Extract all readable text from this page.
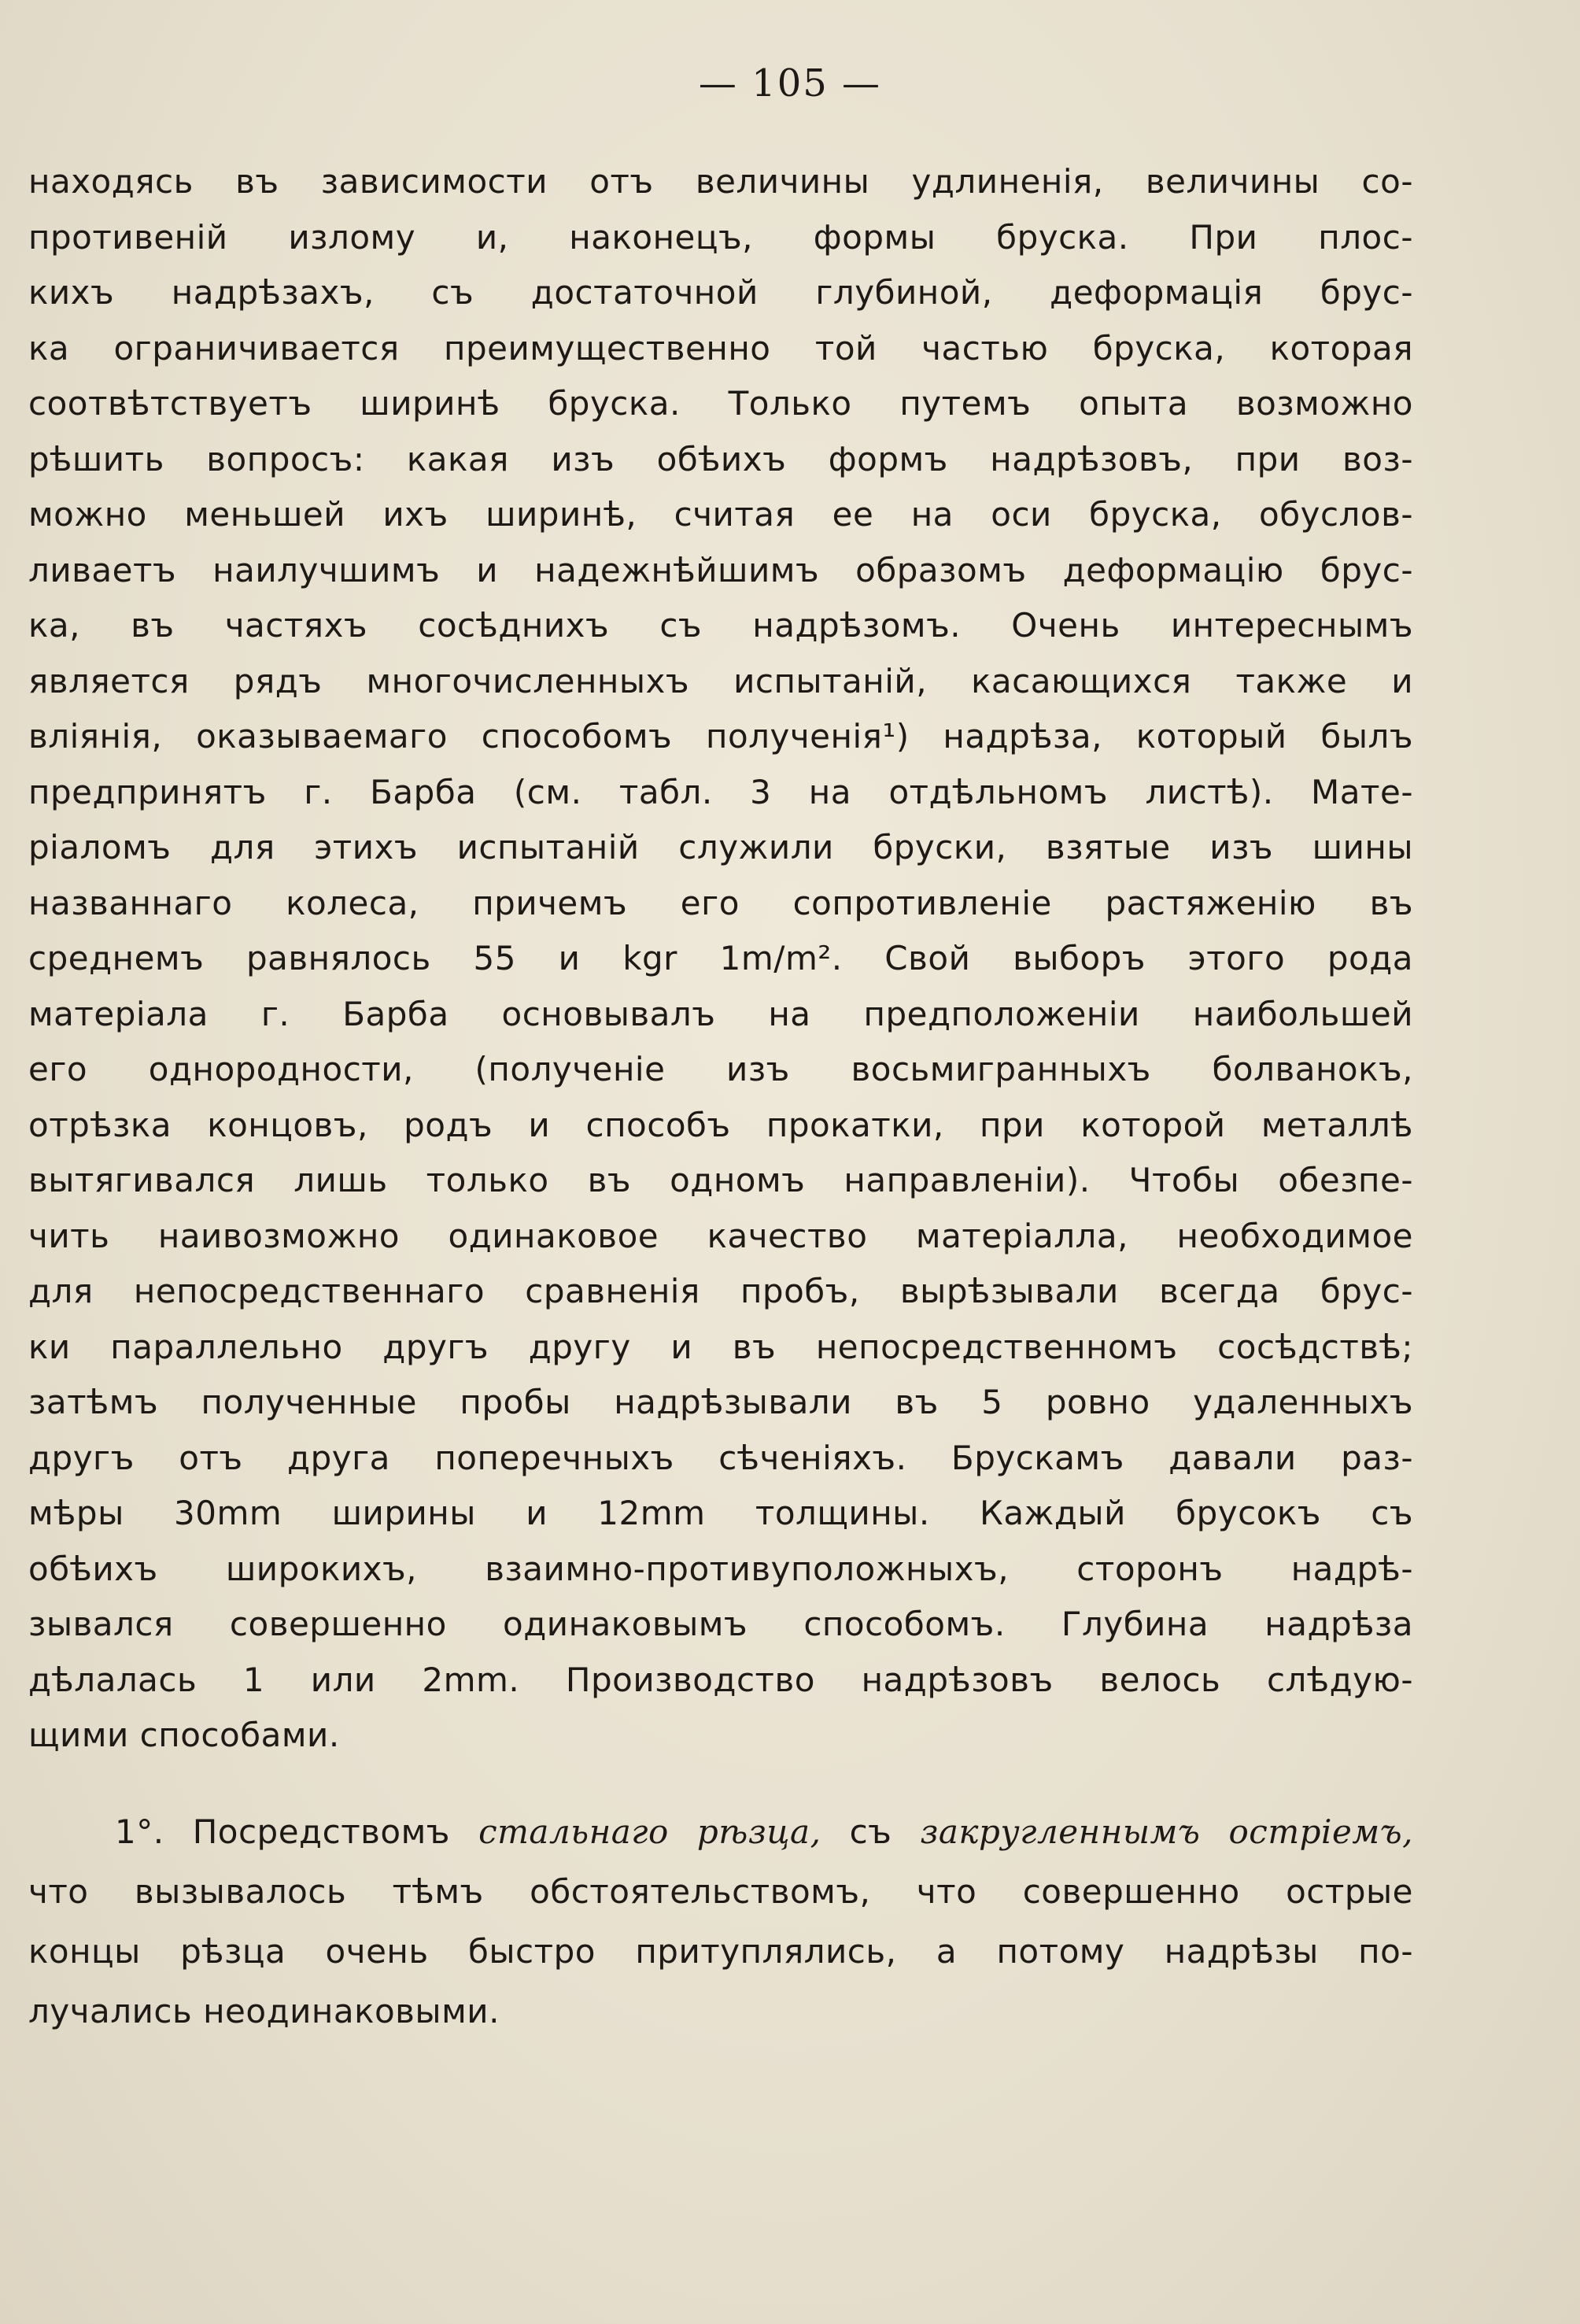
— 105 —
находясь въ зависимости отъ величины удлиненія, величины со-
противеній излому и, наконецъ, формы бруска. При плос-
кихъ надрѣзахъ, съ достаточной глубиной, деформація брус-
ка ограничивается преимущественно той частью бруска, которая
соотвѣтствуетъ ширинѣ бруска. Только путемъ опыта возможно
рѣшить вопросъ: какая изъ обѣихъ формъ надрѣзовъ, при воз-
можно меньшей ихъ ширинѣ, считая ее на оси бруска, обуслов-
ливаетъ наилучшимъ и надежнѣйшимъ образомъ деформацію брус-
ка, въ частяхъ сосѣднихъ съ надрѣзомъ. Очень интереснымъ
является рядъ многочисленныхъ испытаній, касающихся также и
вліянія, оказываемаго способомъ полученія¹) надрѣза, который былъ
предпринятъ г. Барба (см. табл. 3 на отдѣльномъ листѣ). Мате-
ріаломъ для этихъ испытаній служили бруски, взятые изъ шины
названнаго колеса, причемъ его сопротивленіе растяженію въ
среднемъ равнялось 55 и kgr 1m/m². Свой выборъ этого рода
матеріала г. Барба основывалъ на предположеніи наибольшей
его однородности, (полученіе изъ восьмигранныхъ болванокъ,
отрѣзка концовъ, родъ и способъ прокатки, при которой металлѣ
вытягивался лишь только въ одномъ направленіи). Чтобы обезпе-
чить наивозможно одинаковое качество матеріалла, необходимое
для непосредственнаго сравненія пробъ, вырѣзывали всегда брус-
ки параллельно другъ другу и въ непосредственномъ сосѣдствѣ;
затѣмъ полученные пробы надрѣзывали въ 5 ровно удаленныхъ
другъ отъ друга поперечныхъ сѣченіяхъ. Брускамъ давали раз-
мѣры 30mm ширины и 12mm толщины. Каждый брусокъ съ
обѣихъ широкихъ, взаимно-противуположныхъ, сторонъ надрѣ-
зывался совершенно одинаковымъ способомъ. Глубина надрѣза
дѣлалась 1 или 2mm. Производство надрѣзовъ велось слѣдую-
щими способами.
1°. Посредствомъ стальнаго рѣзца, съ закругленнымъ остріемъ,
что вызывалось тѣмъ обстоятельствомъ, что совершенно острые
концы рѣзца очень быстро притуплялись, а потому надрѣзы по-
лучались неодинаковыми.
